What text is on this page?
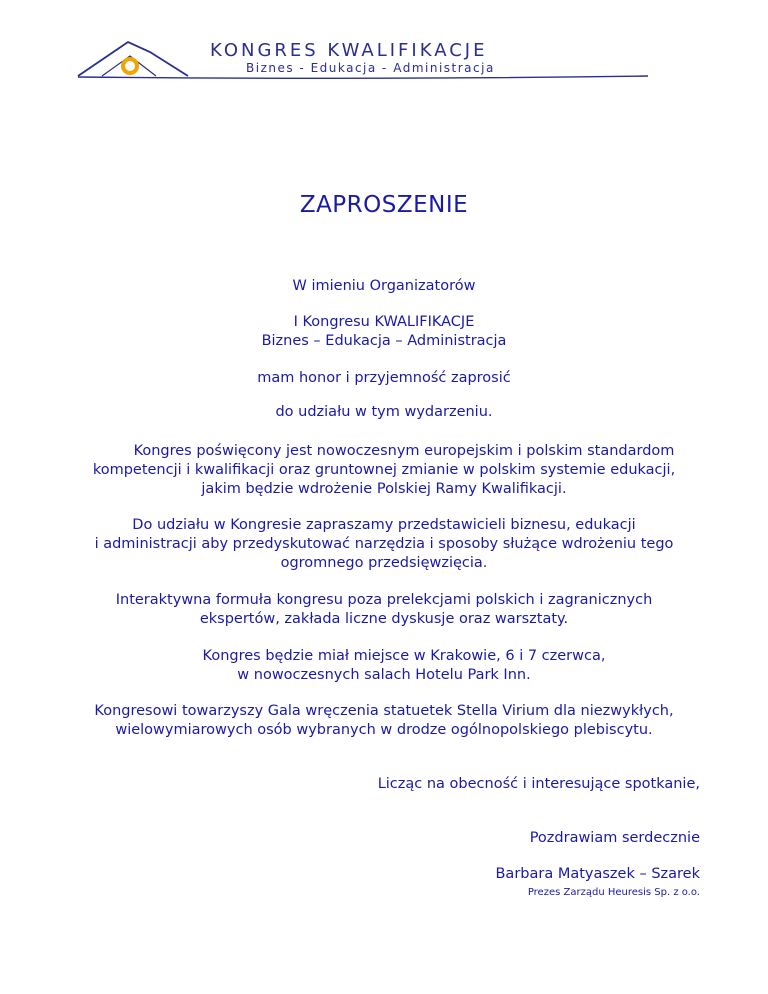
KONGRES KWALIFIKACJE
Biznes - Edukacja - Administracja
ZAPROSZENIE
W imieniu Organizatorów
I Kongresu KWALIFIKACJE
Biznes – Edukacja – Administracja
mam honor i przyjemność zaprosić
do udziału w tym wydarzeniu.
Kongres poświęcony jest nowoczesnym europejskim i polskim standardom
kompetencji i kwalifikacji oraz gruntownej zmianie w polskim systemie edukacji,
jakim będzie wdrożenie Polskiej Ramy Kwalifikacji.
Do udziału w Kongresie zapraszamy przedstawicieli biznesu, edukacji
i administracji aby przedyskutować narzędzia i sposoby służące wdrożeniu tego
ogromnego przedsięwzięcia.
Interaktywna formuła kongresu poza prelekcjami polskich i zagranicznych
ekspertów, zakłada liczne dyskusje oraz warsztaty.
Kongres będzie miał miejsce w Krakowie, 6 i 7 czerwca,
w nowoczesnych salach Hotelu Park Inn.
Kongresowi towarzyszy Gala wręczenia statuetek Stella Virium dla niezwykłych,
wielowymiarowych osób wybranych w drodze ogólnopolskiego plebiscytu.
Licząc na obecność i interesujące spotkanie,
Pozdrawiam serdecznie
Barbara Matyaszek – Szarek
Prezes Zarządu Heuresis Sp. z o.o.
